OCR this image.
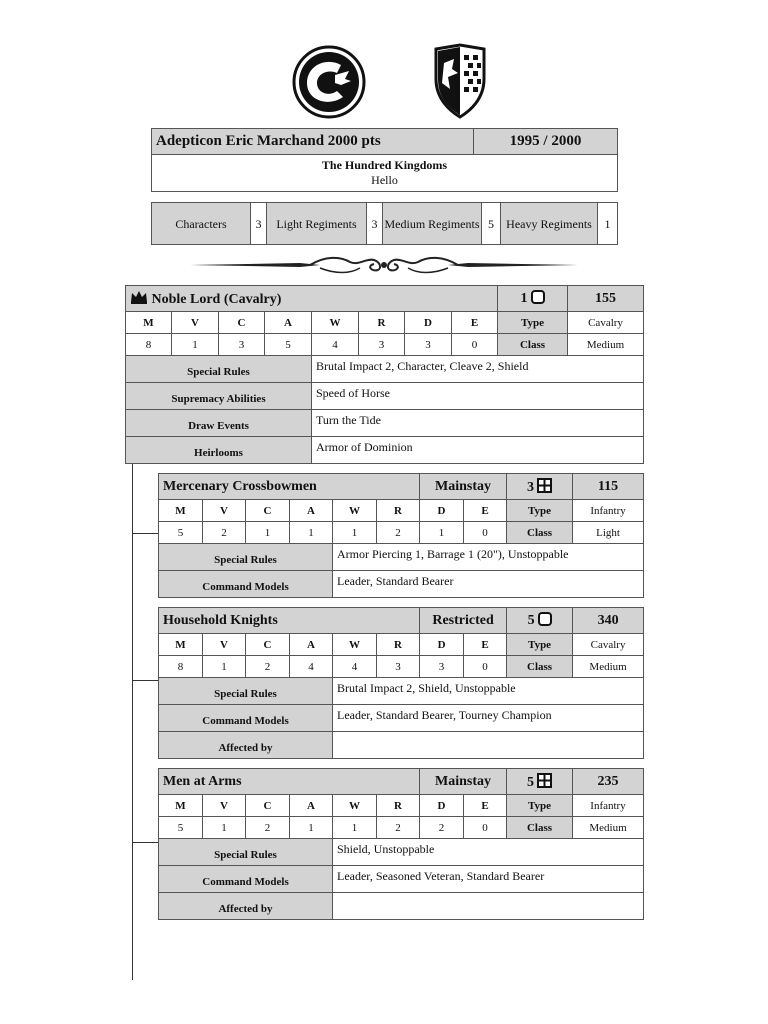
Adepticon Eric Marchand 2000 pts	1995 / 2000

The Hundred Kingdoms
Hello
Characters	3	Light Regiments	3	Medium Regiments	5	Heavy Regiments	1
Noble Lord (Cavalry)								1	155
M	V	C	A	W	R	D	E	Type	Cavalry
8	1	3	5	4	3	3	0	Class	Medium
Special Rules				Brutal Impact 2, Character, Cleave 2, Shield					
Supremacy Abilities				Speed of Horse					
Draw Events				Turn the Tide					
Heirlooms				Armor of Dominion					
Mercenary Crossbowmen						Mainstay		3	115
M	V	C	A	W	R	D	E	Type	Infantry
5	2	1	1	1	2	1	0	Class	Light
Special Rules				Armor Piercing 1, Barrage 1 (20"), Unstoppable					
Command Models				Leader, Standard Bearer					
Household Knights						Restricted		5	340
M	V	C	A	W	R	D	E	Type	Cavalry
8	1	2	4	4	3	3	0	Class	Medium
Special Rules				Brutal Impact 2, Shield, Unstoppable					
Command Models				Leader, Standard Bearer, Tourney Champion					
Affected by									
Men at Arms						Mainstay		5	235
M	V	C	A	W	R	D	E	Type	Infantry
5	1	2	1	1	2	2	0	Class	Medium
Special Rules				Shield, Unstoppable					
Command Models				Leader, Seasoned Veteran, Standard Bearer					
Affected by									
